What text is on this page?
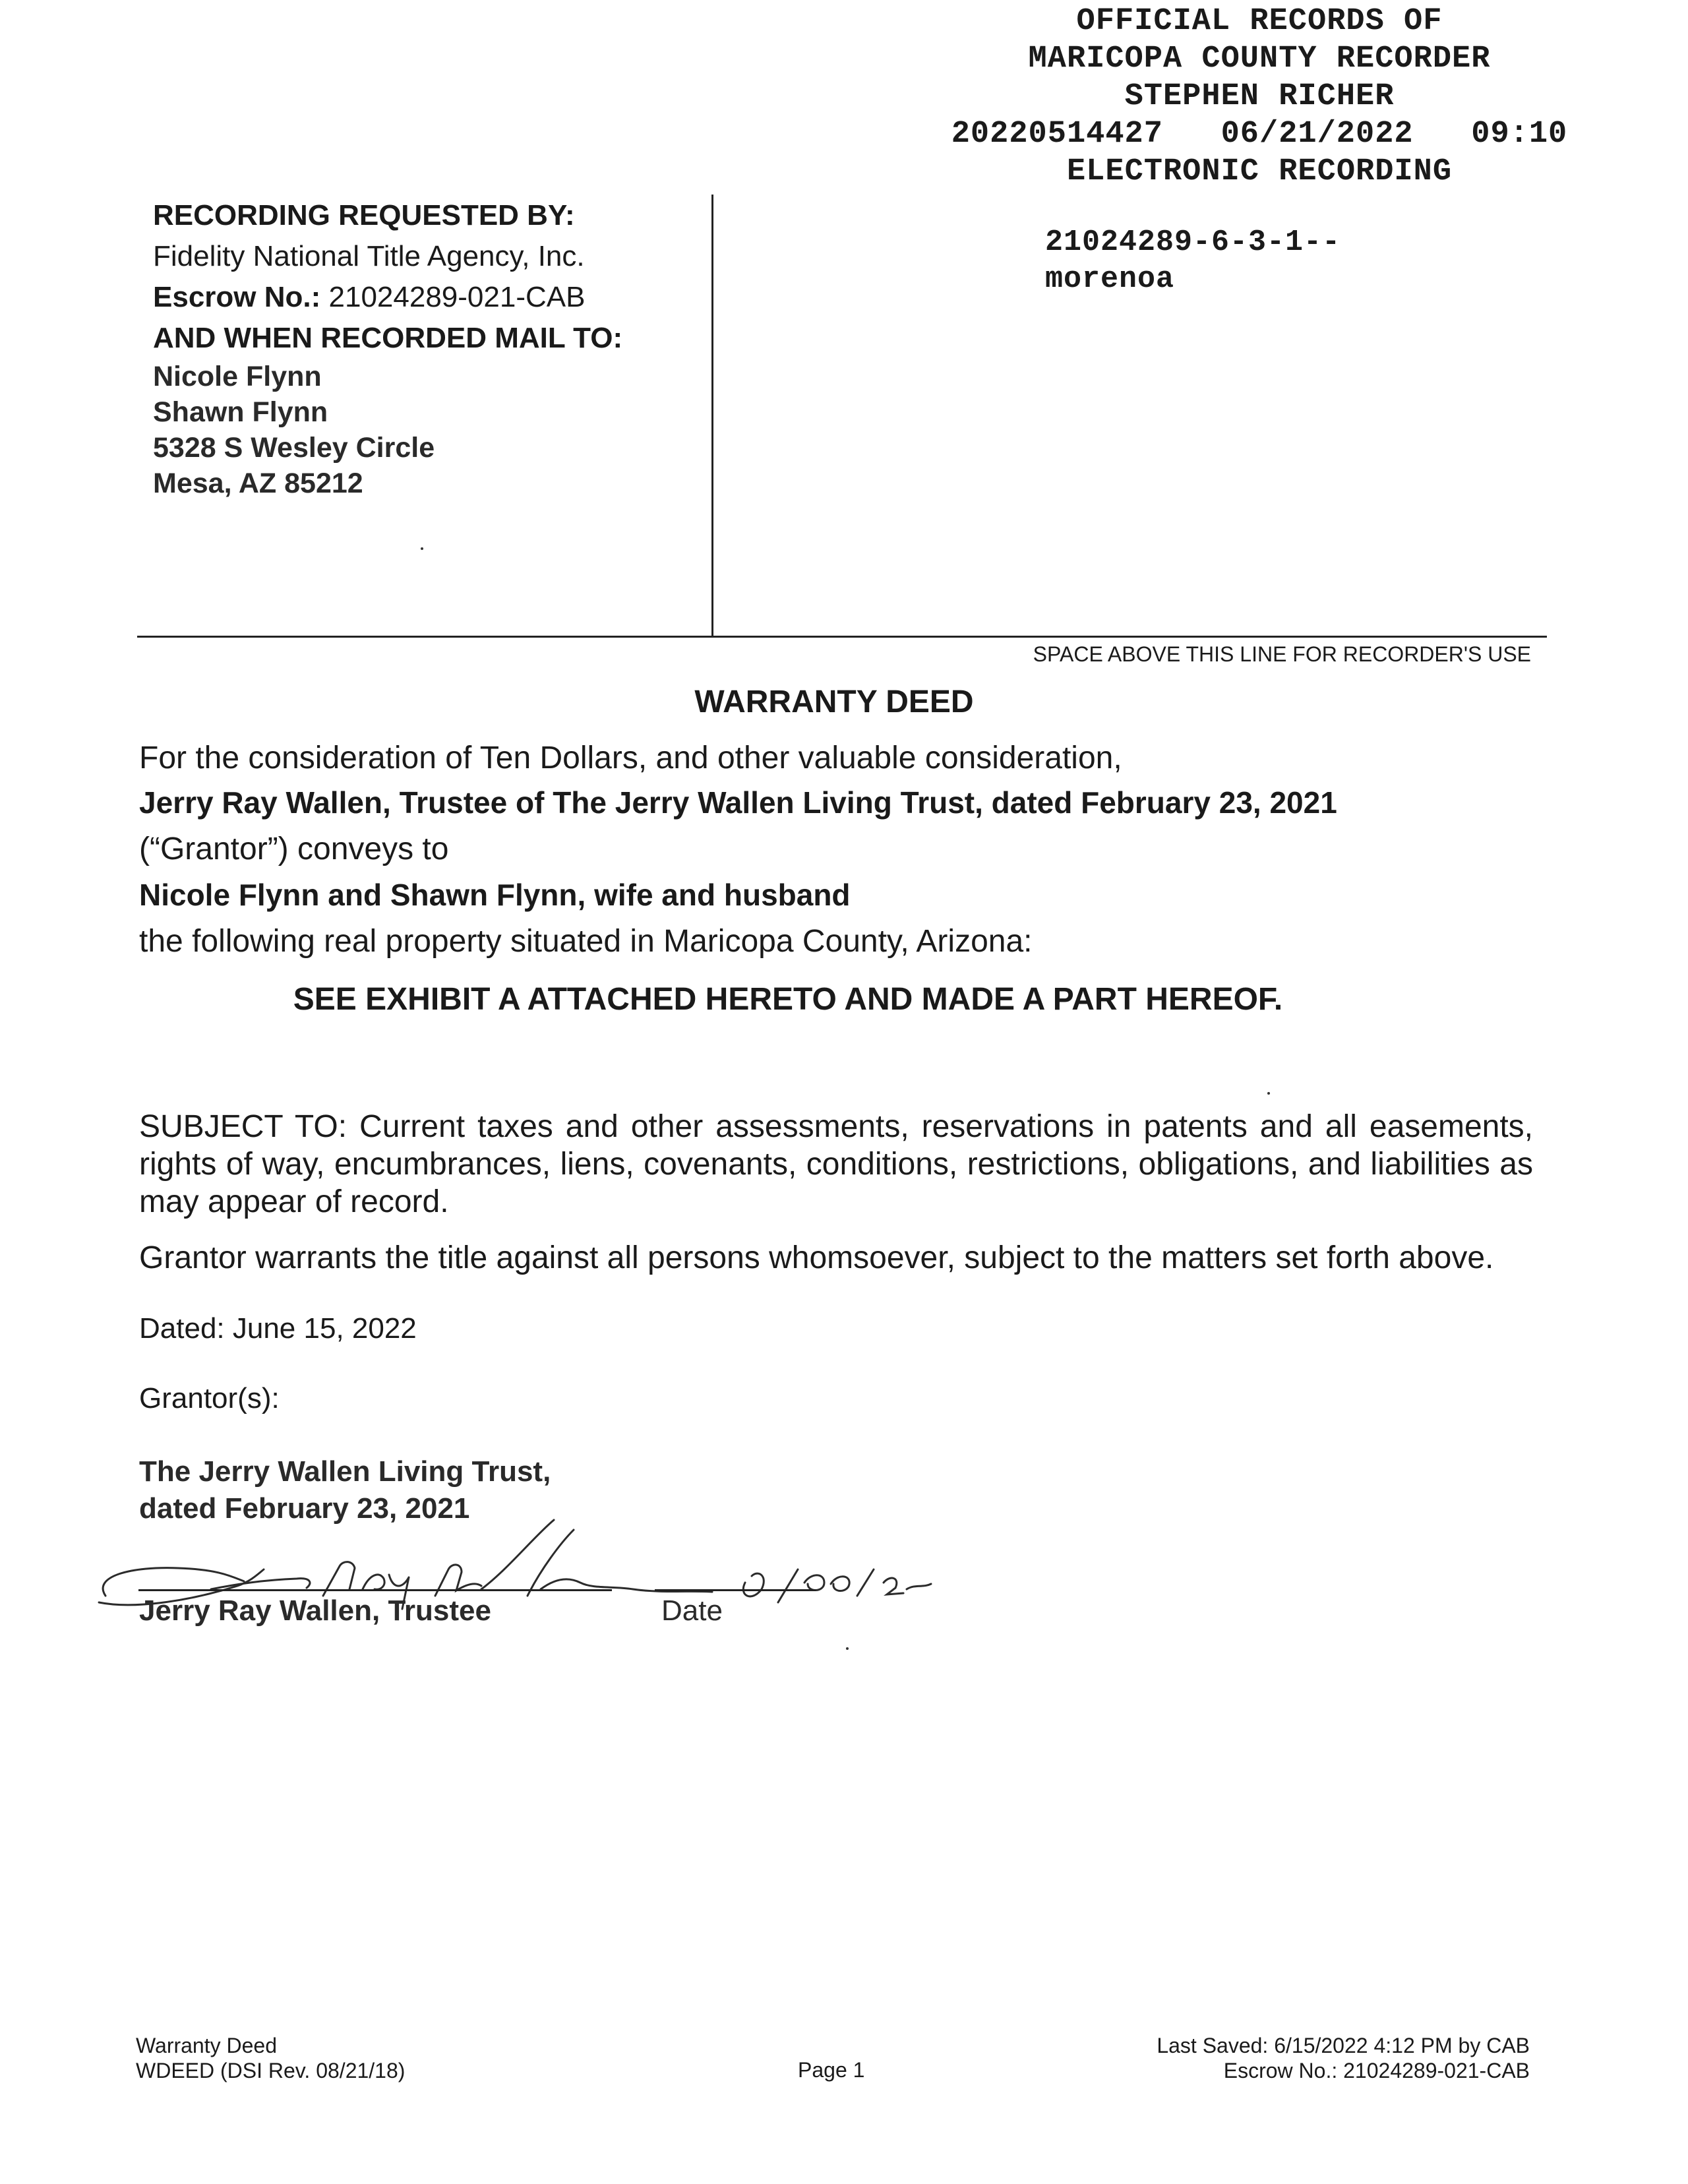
OFFICIAL RECORDS OF
MARICOPA COUNTY RECORDER
STEPHEN RICHER
20220514427   06/21/2022   09:10
ELECTRONIC RECORDING
21024289-6-3-1--
morenoa
RECORDING REQUESTED BY:
Fidelity National Title Agency, Inc.
Escrow No.: 21024289-021-CAB
AND WHEN RECORDED MAIL TO:
Nicole Flynn
Shawn Flynn
5328 S Wesley Circle
Mesa, AZ 85212
SPACE ABOVE THIS LINE FOR RECORDER'S USE
WARRANTY DEED
For the consideration of Ten Dollars, and other valuable consideration,
Jerry Ray Wallen, Trustee of The Jerry Wallen Living Trust, dated February 23, 2021
(“Grantor”) conveys to
Nicole Flynn and Shawn Flynn, wife and husband
the following real property situated in Maricopa County, Arizona:
SEE EXHIBIT A ATTACHED HERETO AND MADE A PART HEREOF.
SUBJECT TO: Current taxes and other assessments, reservations in patents and all easements, rights of way, encumbrances, liens, covenants, conditions, restrictions, obligations, and liabilities as may appear of record.
Grantor warrants the title against all persons whomsoever, subject to the matters set forth above.
Dated: June 15, 2022
Grantor(s):
The Jerry Wallen Living Trust,
dated February 23, 2021
Jerry Ray Wallen, Trustee	Date
Warranty Deed
WDEED (DSI Rev. 08/21/18)	Page 1
Last Saved: 6/15/2022 4:12 PM by CAB
Escrow No.: 21024289-021-CAB
